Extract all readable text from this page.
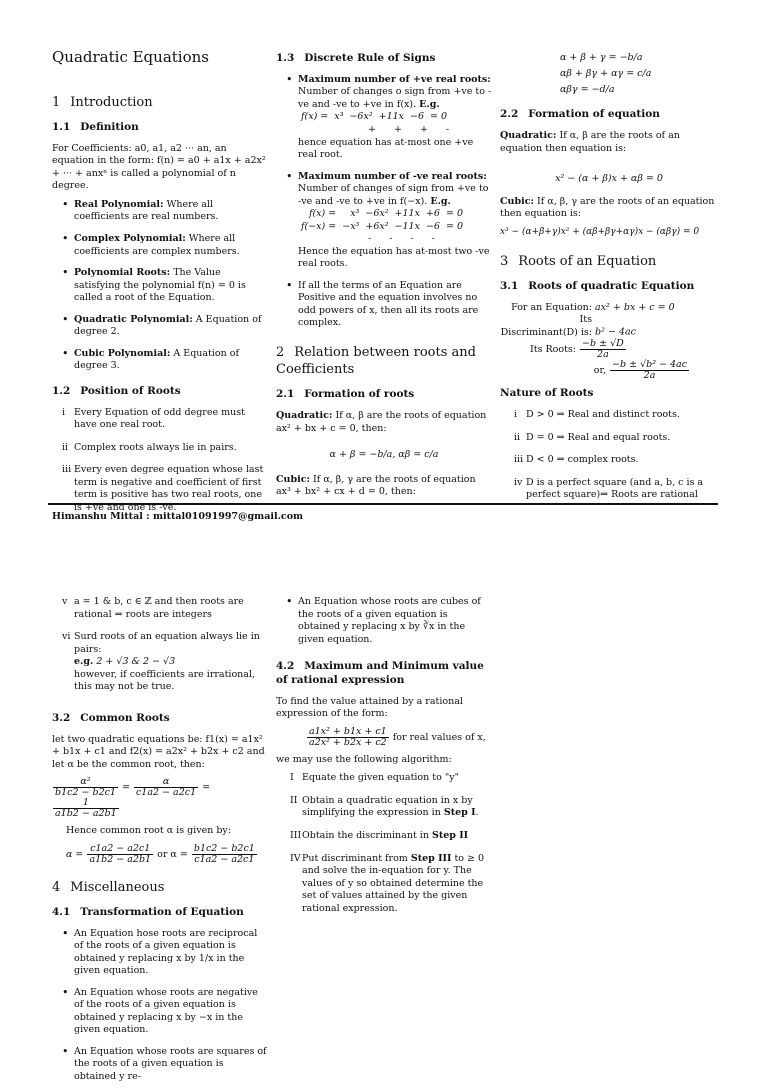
Quadratic Equations
1 Introduction
1.1 Definition

For Coefficients: a0, a1, a2 ··· an, an equation in the form: f(n) = a0 + a1x + a2x² + ··· + anxⁿ is called a polynomial of n degree.

• Real Polynomial: Where all coefficients are real numbers.
• Complex Polynomial: Where all coefficients are complex numbers.
• Polynomial Roots: The Value satisfying the polynomial f(n) = 0 is called a root of the Equation.
• Quadratic Polynomial: A Equation of degree 2.
• Cubic Polynomial: A Equation of degree 3.
1.2 Position of Roots
i Every Equation of odd degree must have one real root.
ii Complex roots always lie in pairs.
iii Every even degree equation whose last term is negative and coefficient of first term is positive has two real roots, one is +ve and one is -ve.
1.3 Discrete Rule of Signs
• Maximum number of +ve real roots: Number of changes o sign from +ve to -ve and -ve to +ve in f(x). E.g.
f(x) =	x³	−6x²	+11x	−6	= 0
+ + + -
hence equation has at-most one +ve real root.
• Maximum number of -ve real roots: Number of changes of sign from +ve to -ve and -ve to +ve in f(−x). E.g.
f(x) =	x³	−6x²	+11x	+6	= 0
f(−x) =	−x³	+6x²	−11x	−6	= 0
- - - -
Hence the equation has at-most two -ve real roots.
• If all the terms of an Equation are Positive and the equation involves no odd powers of x, then all its roots are complex.
2 Relation between roots and Coefficients
2.1 Formation of roots

Quadratic: If α, β are the roots of equation ax² + bx + c = 0, then:

α + β = −b/a, αβ = c/a

Cubic: If α, β, γ are the roots of equation ax³ + bx² + cx + d = 0, then:

α + β + γ = −b/a
αβ + βγ + αγ = c/a
αβγ = −d/a
2.2 Formation of equation

Quadratic: If α, β are the roots of an equation then equation is:

x² − (α + β)x + αβ = 0

Cubic: If α, β, γ are the roots of an equation then equation is:

x³ − (α+β+γ)x² + (αβ+βγ+αγ)x − (αβγ) = 0

3 Roots of an Equation
3.1 Roots of quadratic Equation
For an Equation: ax² + bx + c = 0
Its Discriminant(D) is: b² − 4ac
Its Roots: $\frac{-b \pm √D}{2a}$
or, $\frac{\text{−b ± √b² − 4ac}}{2a}$
Nature of Roots
i D > 0 ⇒ Real and distinct roots.
ii D = 0 ⇒ Real and equal roots.
iii D < 0 ⇒ complex roots.
iv D is a perfect square (and a, b, c is a perfect square)⇒ Roots are rational
Himanshu Mittal : mittal01091997@gmail.com
v a = 1 & b, c ∈ ℤ and then roots are rational ⇒ roots are integers
vi Surd roots of an equation always lie in pairs:
e.g. 2 + √3 & 2 − √3
however, if coefficients are irrational, this may not be true.
3.2 Common Roots

let two quadratic equations be: f1(x) = a1x² + b1x + c1 and f2(x) = a2x² + b2x + c2 and let α be the common root, then:

$\frac{\text{α²}}{b1c2 - b2c1} = \frac{\alpha}{c1a2 - a2c1}$ =
$\frac{1}{a1b2 - a2b1}$

Hence common root α is given by:

$\alpha = \frac{c1a2 - a2c1}{a1b2 - a2b1}$ or $\alpha = \frac{b1c2 - b2c1}{c1a2 - a2c1}$
4 Miscellaneous
4.1 Transformation of Equation
• An Equation hose roots are reciprocal of the roots of a given equation is obtained y replacing x by 1/x in the given equation.
• An Equation whose roots are negative of the roots of a given equation is obtained y replacing x by −x in the given equation.
• An Equation whose roots are squares of the roots of a given equation is obtained y re-
• An Equation whose roots are cubes of the roots of a given equation is obtained y replacing x by ∛x in the given equation.
4.2 Maximum and Minimum value of rational expression

To find the value attained by a rational expression of the form:

$\frac{\text{a1x² + b1x + c1}}{\text{a2x² + b2x + c2}}$ for real values of x,

we may use the following algorithm:

I Equate the given equation to "y"
II Obtain a quadratic equation in x by simplifying the expression in Step I.
III Obtain the discriminant in Step II
IV Put discriminant from Step III to ≥ 0 and solve the in-equation for y. The values of y so obtained determine the set of values attained by the given rational expression.
